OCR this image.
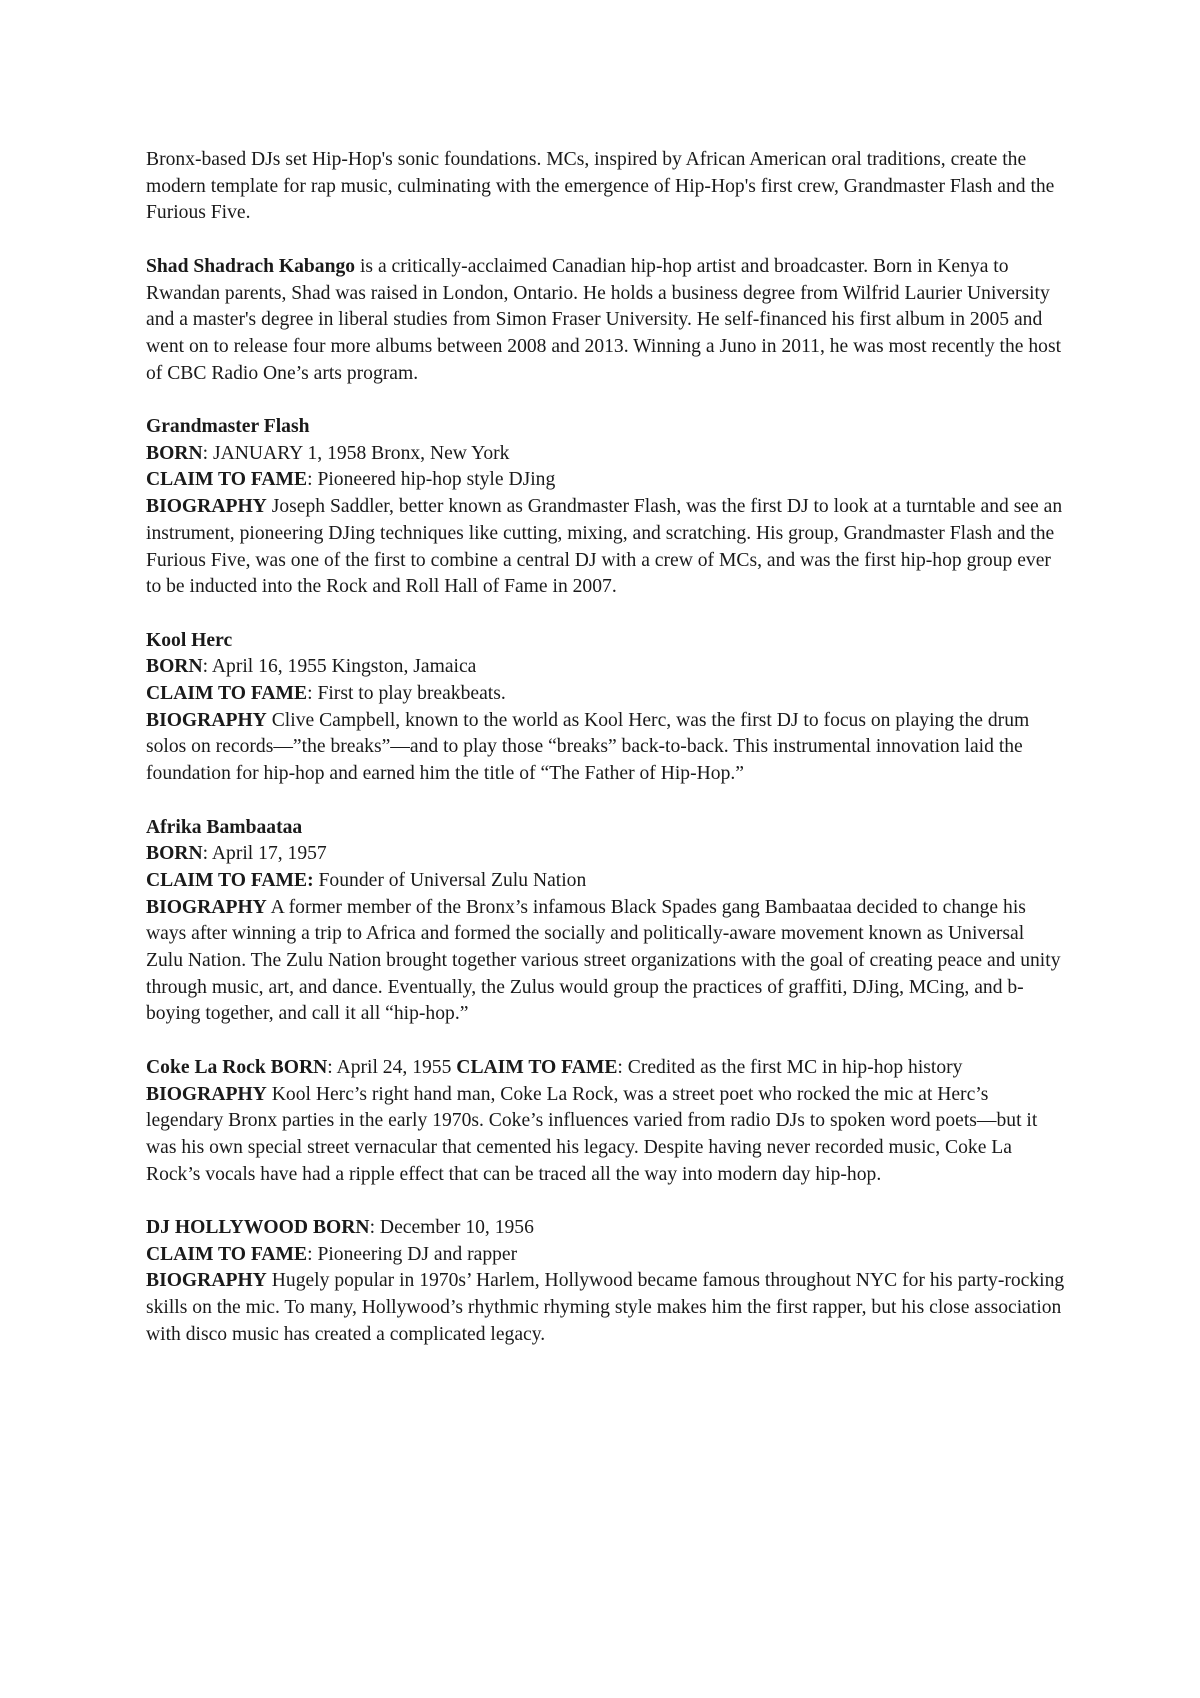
Bronx-based DJs set Hip-Hop's sonic foundations. MCs, inspired by African American oral traditions, create the modern template for rap music, culminating with the emergence of Hip-Hop's first crew, Grandmaster Flash and the Furious Five.

Shad Shadrach Kabango is a critically-acclaimed Canadian hip-hop artist and broadcaster. Born in Kenya to Rwandan parents, Shad was raised in London, Ontario. He holds a business degree from Wilfrid Laurier University and a master's degree in liberal studies from Simon Fraser University. He self-financed his first album in 2005 and went on to release four more albums between 2008 and 2013. Winning a Juno in 2011, he was most recently the host of CBC Radio One’s arts program.

Grandmaster Flash
BORN: JANUARY 1, 1958 Bronx, New York
CLAIM TO FAME: Pioneered hip-hop style DJing
BIOGRAPHY Joseph Saddler, better known as Grandmaster Flash, was the first DJ to look at a turntable and see an instrument, pioneering DJing techniques like cutting, mixing, and scratching. His group, Grandmaster Flash and the Furious Five, was one of the first to combine a central DJ with a crew of MCs, and was the first hip-hop group ever to be inducted into the Rock and Roll Hall of Fame in 2007.

Kool Herc
BORN: April 16, 1955 Kingston, Jamaica
CLAIM TO FAME: First to play breakbeats.
BIOGRAPHY Clive Campbell, known to the world as Kool Herc, was the first DJ to focus on playing the drum solos on records—”the breaks”—and to play those “breaks” back-to-back. This instrumental innovation laid the foundation for hip-hop and earned him the title of “The Father of Hip-Hop.”

Afrika Bambaataa
BORN: April 17, 1957
CLAIM TO FAME: Founder of Universal Zulu Nation
BIOGRAPHY A former member of the Bronx’s infamous Black Spades gang Bambaataa decided to change his ways after winning a trip to Africa and formed the socially and politically-aware movement known as Universal Zulu Nation. The Zulu Nation brought together various street organizations with the goal of creating peace and unity through music, art, and dance. Eventually, the Zulus would group the practices of graffiti, DJing, MCing, and b-boying together, and call it all “hip-hop.”

Coke La Rock BORN: April 24, 1955 CLAIM TO FAME: Credited as the first MC in hip-hop history BIOGRAPHY Kool Herc’s right hand man, Coke La Rock, was a street poet who rocked the mic at Herc’s legendary Bronx parties in the early 1970s. Coke’s influences varied from radio DJs to spoken word poets—but it was his own special street vernacular that cemented his legacy. Despite having never recorded music, Coke La Rock’s vocals have had a ripple effect that can be traced all the way into modern day hip-hop.

DJ HOLLYWOOD BORN: December 10, 1956
CLAIM TO FAME: Pioneering DJ and rapper
BIOGRAPHY Hugely popular in 1970s’ Harlem, Hollywood became famous throughout NYC for his party-rocking skills on the mic. To many, Hollywood’s rhythmic rhyming style makes him the first rapper, but his close association with disco music has created a complicated legacy.
